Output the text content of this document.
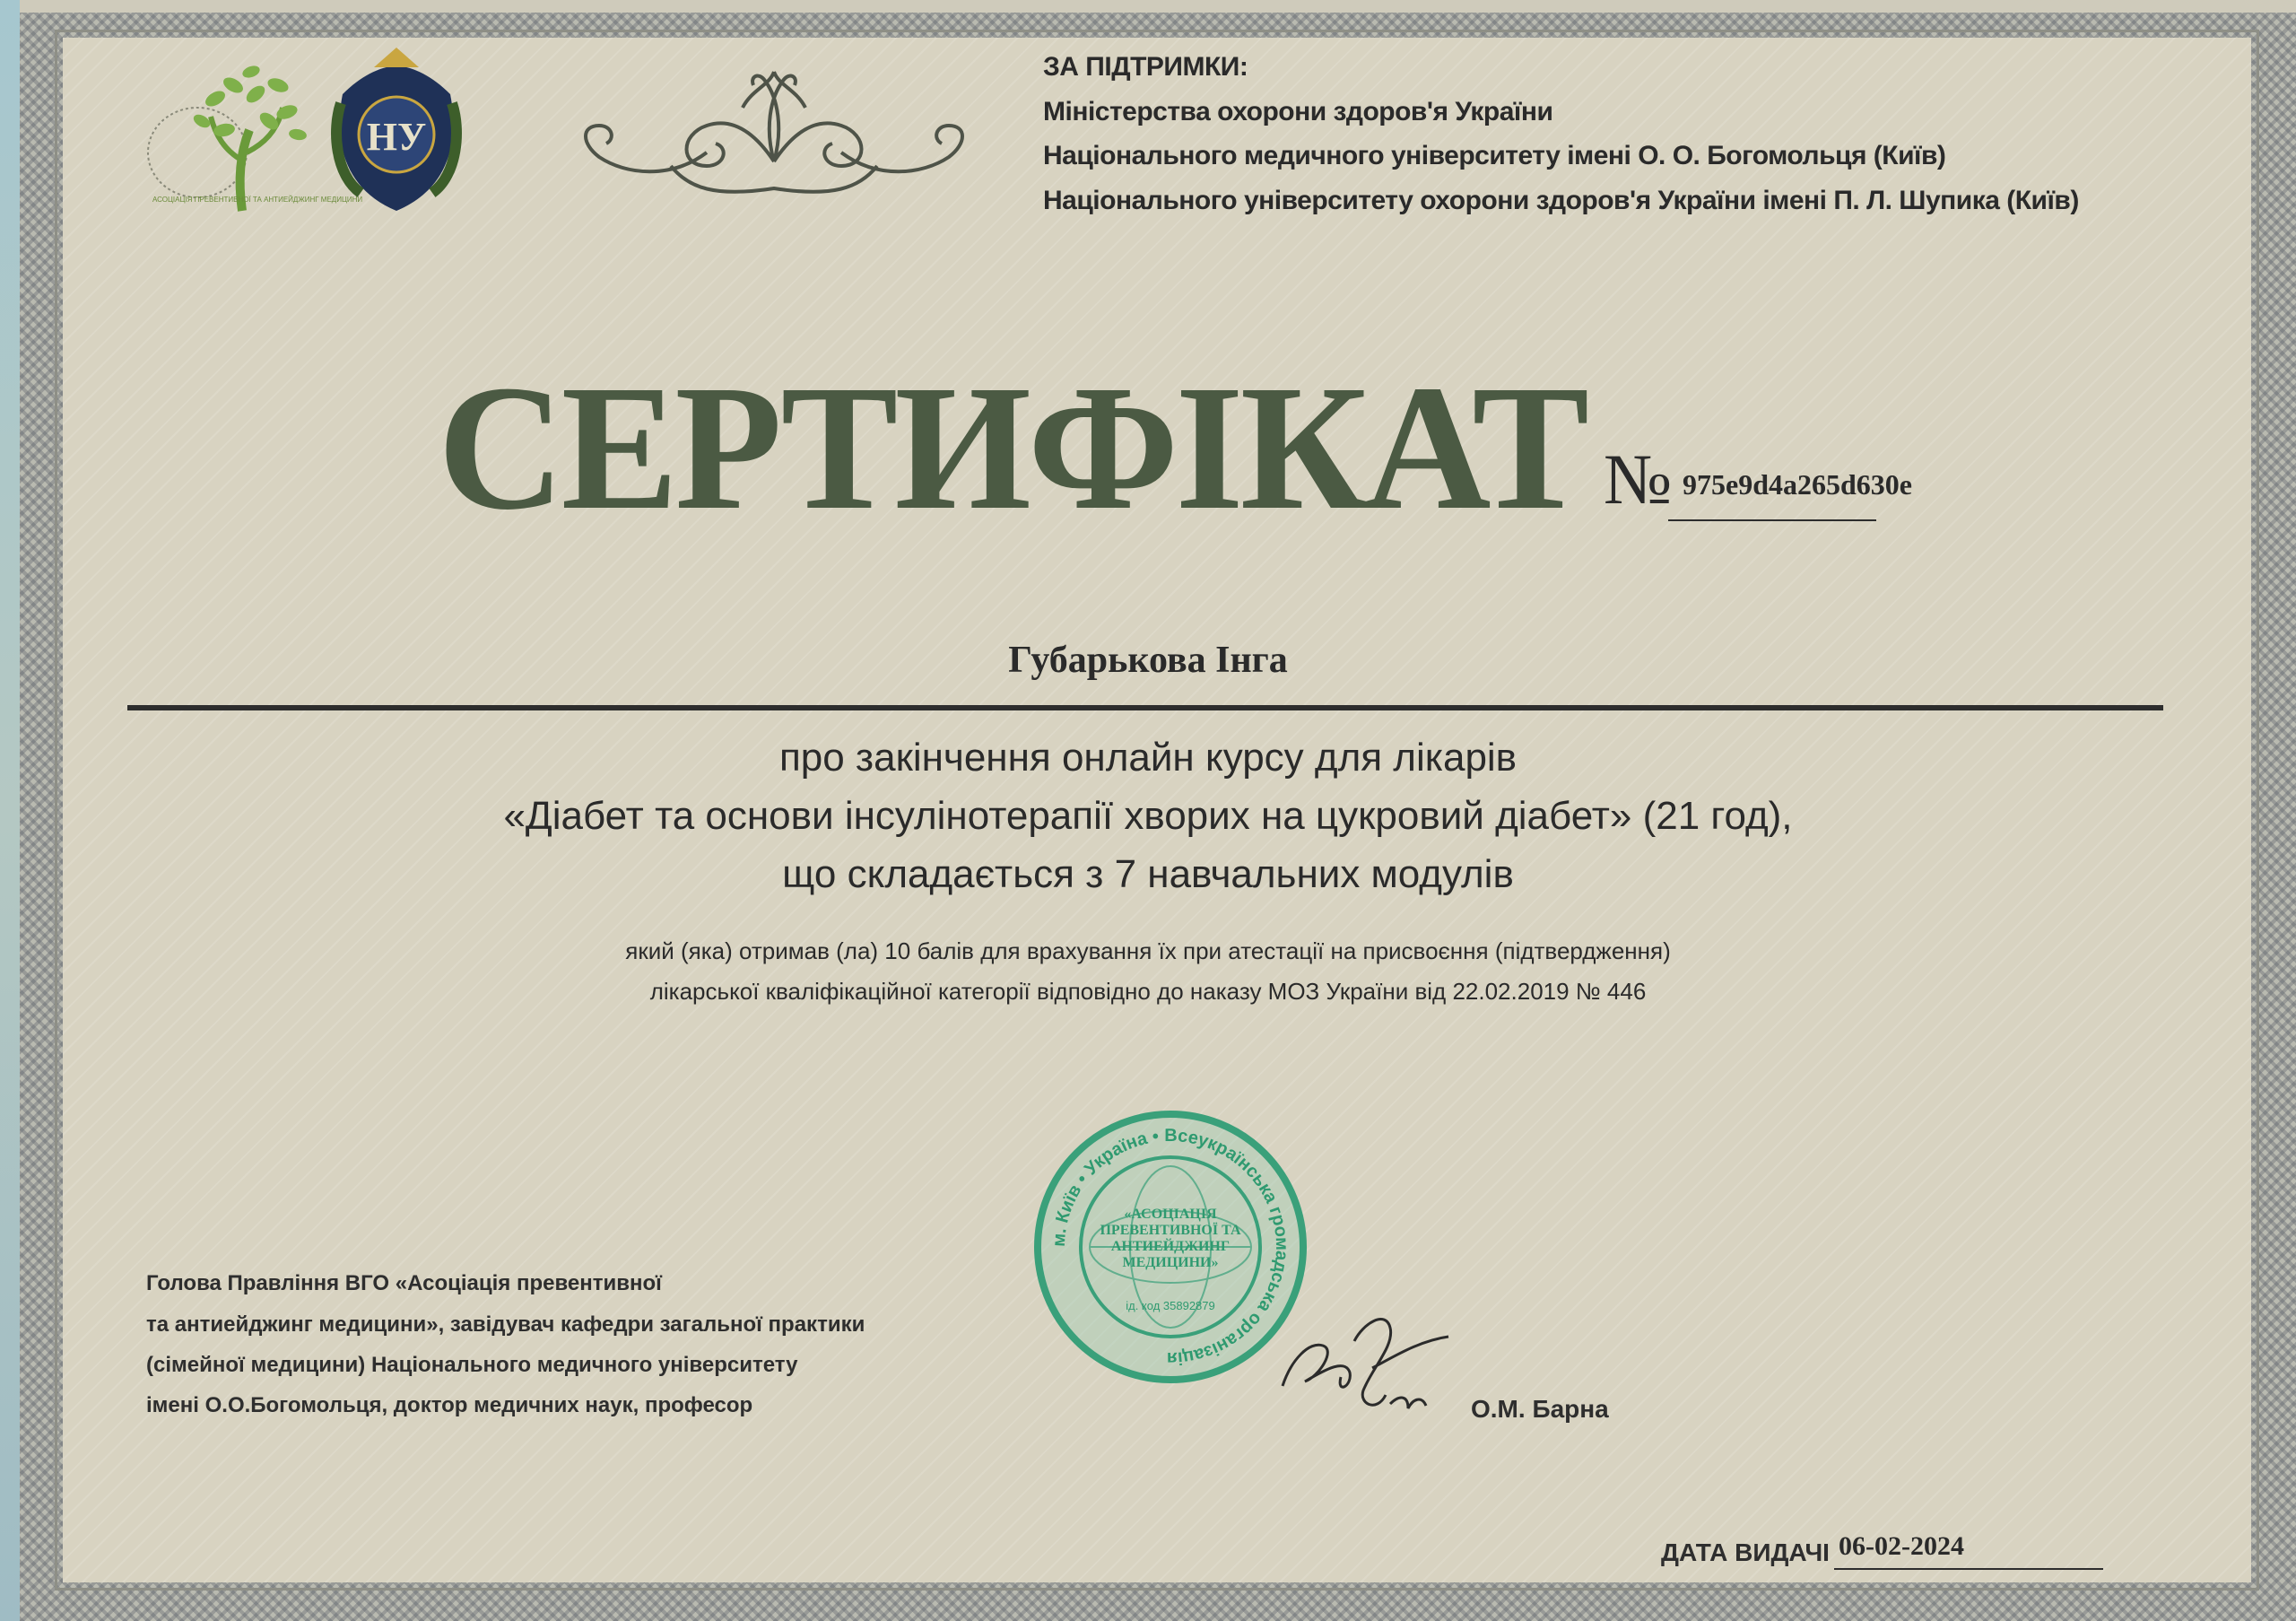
АСОЦІАЦІЯ ПРЕВЕНТИВНОЇ ТА АНТИЕЙДЖИНГ МЕДИЦИНИ
НУ
ЗА ПІДТРИМКИ:
Міністерства охорони здоров'я України
Національного медичного університету імені О. О. Богомольця (Київ)
Національного університету охорони здоров'я України імені П. Л. Шупика (Київ)
СЕРТИФІКАТ № 975e9d4a265d630e
Губарькова Інга
про закінчення онлайн курсу для лікарів
«Діабет та основи інсулінотерапії хворих на цукровий діабет» (21 год),
що складається з 7 навчальних модулів
який (яка) отримав (ла) 10 балів для врахування їх при атестації на присвоєння (підтвердження)
лікарської кваліфікаційної категорії відповідно до наказу МОЗ України від 22.02.2019 № 446
Голова Правління ВГО «Асоціація превентивної
та антиейджинг медицини», завідувач кафедри загальної практики
(сімейної медицини) Національного медичного університету
імені О.О.Богомольця, доктор медичних наук, професор
м. Київ • Україна • Всеукраїнська громадська організація
«АСОЦІАЦІЯ ПРЕВЕНТИВНОЇ ТА АНТИЕЙДЖИНГ МЕДИЦИНИ»
ід. код 35892879
О.М. Барна
ДАТА ВИДАЧІ 06-02-2024
